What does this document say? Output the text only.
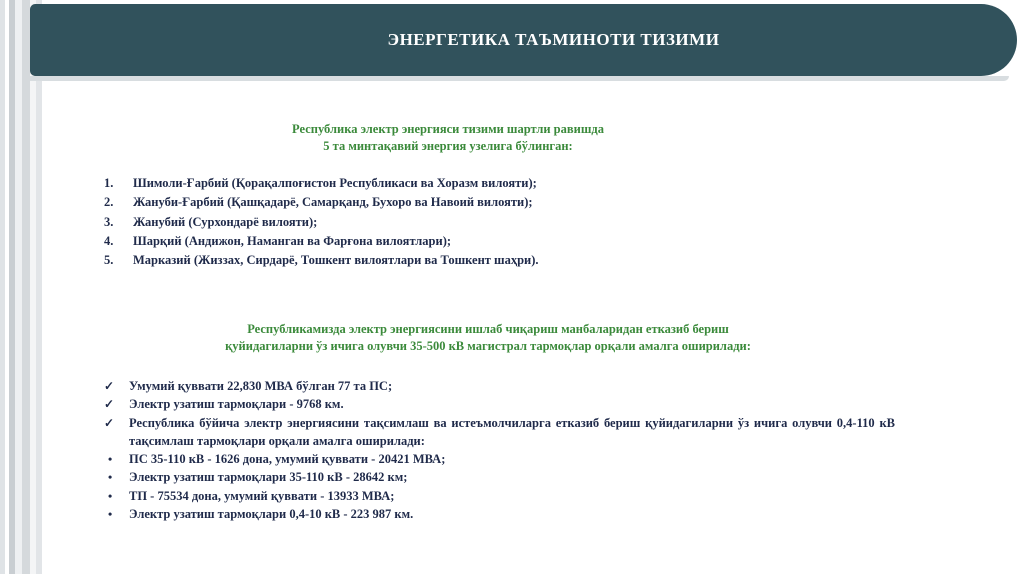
ЭНЕРГЕТИКА ТАЪМИНОТИ ТИЗИМИ
Республика электр энергияси тизими шартли равишда
5 та минтақавий энергия узелига бўлинган:
1. Шимоли-Ғарбий (Қорақалпоғистон Республикаси ва Хоразм вилояти);
2. Жануби-Ғарбий (Қашқадарё, Самарқанд, Бухоро ва Навоий вилояти);
3. Жанубий (Сурхондарё вилояти);
4. Шарқий (Андижон, Наманган ва Фарғона вилоятлари);
5. Марказий (Жиззах, Сирдарё, Тошкент вилоятлари ва Тошкент шаҳри).
Республикамизда электр энергиясини ишлаб чиқариш манбаларидан етказиб бериш
қуйидагиларни ўз ичига олувчи 35-500 кВ магистрал тармоқлар орқали амалга оширилади:
✓	Умумий қуввати 22,830 МВА бўлган 77 та ПС;
✓	Электр узатиш тармоқлари - 9768 км.
✓	Республика бўйича электр энергиясини тақсимлаш ва истеъмолчиларга етказиб бериш қуйидагиларни ўз ичига олувчи 0,4-110 кВ тақсимлаш тармоқлари орқали амалга оширилади:
•	ПС 35-110 кВ - 1626 дона, умумий қуввати - 20421 МВА;
•	Электр узатиш тармоқлари 35-110 кВ - 28642 км;
•	ТП - 75534 дона, умумий қуввати - 13933 МВА;
•	Электр узатиш тармоқлари 0,4-10 кВ - 223 987 км.
